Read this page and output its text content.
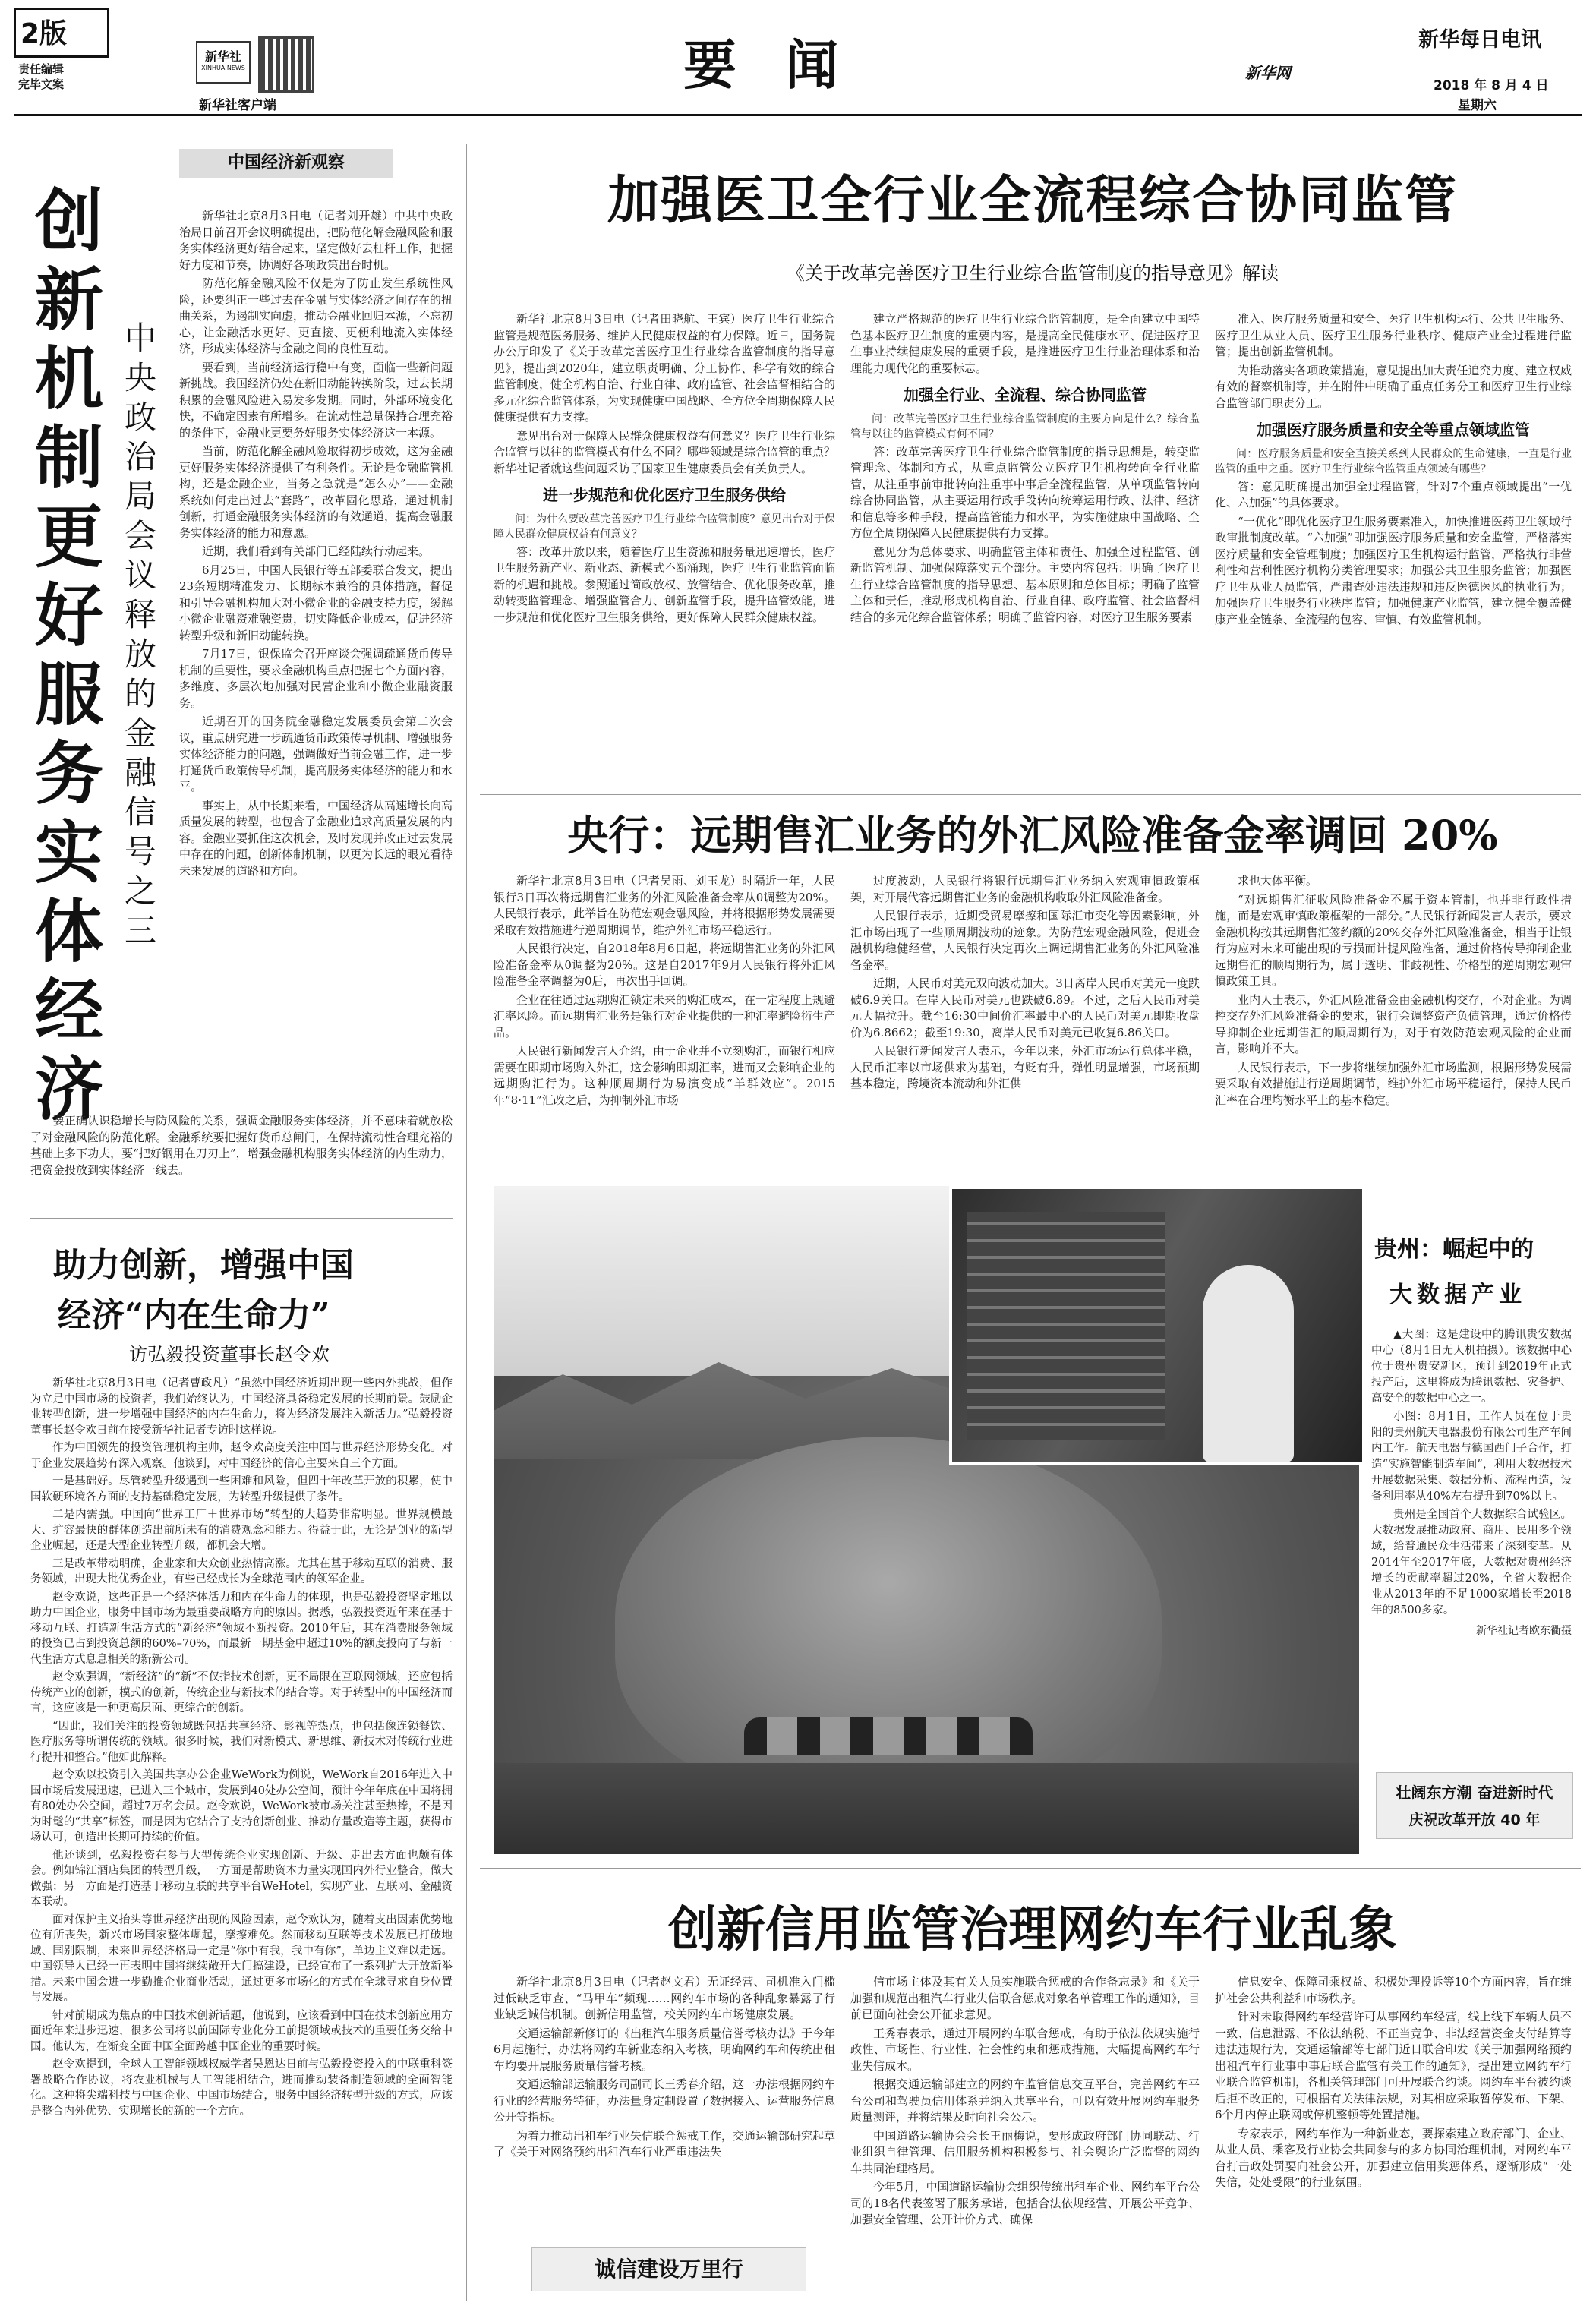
2版
责任编辑
完毕文案
新华社
XINHUA NEWS
新华社客户端
要 闻	新华网
新华每日电讯
2018 年 8 月 4 日
星期六
中国经济新观察
创新机制更好服务实体经济
中央政治局会议释放的金融信号之三

新华社北京8月3日电（记者刘开雄）中共中央政治局日前召开会议明确提出，把防范化解金融风险和服务实体经济更好结合起来，坚定做好去杠杆工作，把握好力度和节奏，协调好各项政策出台时机。

防范化解金融风险不仅是为了防止发生系统性风险，还要纠正一些过去在金融与实体经济之间存在的扭曲关系，为遏制实向虚，推动金融业回归本源，不忘初心，让金融活水更好、更直接、更便利地流入实体经济，形成实体经济与金融之间的良性互动。

要看到，当前经济运行稳中有变，面临一些新问题新挑战。我国经济仍处在新旧动能转换阶段，过去长期积累的金融风险进入易发多发期。同时，外部环境变化快，不确定因素有所增多。在流动性总量保持合理充裕的条件下，金融业更要务好服务实体经济这一本源。

当前，防范化解金融风险取得初步成效，这为金融更好服务实体经济提供了有利条件。无论是金融监管机构，还是金融企业，当务之急就是“怎么办”——金融系统如何走出过去“套路”，改革固化思路，通过机制创新，打通金融服务实体经济的有效通道，提高金融服务实体经济的能力和意愿。

近期，我们看到有关部门已经陆续行动起来。

6月25日，中国人民银行等五部委联合发文，提出23条短期精准发力、长期标本兼治的具体措施，督促和引导金融机构加大对小微企业的金融支持力度，缓解小微企业融资难融资贵，切实降低企业成本，促进经济转型升级和新旧动能转换。

7月17日，银保监会召开座谈会强调疏通货币传导机制的重要性，要求金融机构重点把握七个方面内容，多维度、多层次地加强对民营企业和小微企业融资服务。

近期召开的国务院金融稳定发展委员会第二次会议，重点研究进一步疏通货币政策传导机制、增强服务实体经济能力的问题，强调做好当前金融工作，进一步打通货币政策传导机制，提高服务实体经济的能力和水平。

事实上，从中长期来看，中国经济从高速增长向高质量发展的转型，也包含了金融业追求高质量发展的内容。金融业要抓住这次机会，及时发现并改正过去发展中存在的问题，创新体制机制，以更为长远的眼光看待未来发展的道路和方向。

要正确认识稳增长与防风险的关系，强调金融服务实体经济，并不意味着就放松了对金融风险的防范化解。金融系统要把握好货币总闸门，在保持流动性合理充裕的基础上多下功夫，要“把好钢用在刀刃上”，增强金融机构服务实体经济的内生动力，把资金投放到实体经济一线去。

助力创新，增强中国
经济“内在生命力”
访弘毅投资董事长赵令欢

新华社北京8月3日电（记者曹政凡）“虽然中国经济近期出现一些内外挑战，但作为立足中国市场的投资者，我们始终认为，中国经济具备稳定发展的长期前景。鼓励企业转型创新，进一步增强中国经济的内在生命力，将为经济发展注入新活力。”弘毅投资董事长赵令欢日前在接受新华社记者专访时这样说。

作为中国领先的投资管理机构主帅，赵令欢高度关注中国与世界经济形势变化。对于企业发展趋势有深入观察。他谈到，对中国经济的信心主要来自三个方面。

一是基础好。尽管转型升级遇到一些困难和风险，但四十年改革开放的积累，使中国软硬环境各方面的支持基础稳定发展，为转型升级提供了条件。

二是内需强。中国向“世界工厂＋世界市场”转型的大趋势非常明显。世界规模最大、扩容最快的群体创造出前所未有的消费观念和能力。得益于此，无论是创业的新型企业崛起，还是大型企业转型升级，都机会大增。

三是改革带动明确，企业家和大众创业热情高涨。尤其在基于移动互联的消费、服务领域，出现大批优秀企业，有些已经成长为全球范围内的领军企业。

赵令欢说，这些正是一个经济体活力和内在生命力的体现，也是弘毅投资坚定地以助力中国企业，服务中国市场为最重要战略方向的原因。据悉，弘毅投资近年来在基于移动互联、打造新生活方式的“新经济”领域不断投资。2010年后，其在消费服务领域的投资已占到投资总额的60%–70%，而最新一期基金中超过10%的额度投向了与新一代生活方式息息相关的新新公司。

赵令欢强调，“新经济”的“新”不仅指技术创新，更不局限在互联网领域，还应包括传统产业的创新，模式的创新，传统企业与新技术的结合等。对于转型中的中国经济而言，这应该是一种更高层面、更综合的创新。

“因此，我们关注的投资领域既包括共享经济、影视等热点，也包括像连锁餐饮、医疗服务等所谓传统的领域。很多时候，我们对新模式、新思维、新技术对传统行业进行提升和整合。”他如此解释。

赵令欢以投资引入美国共享办公企业WeWork为例说，WeWork自2016年进入中国市场后发展迅速，已进入三个城市，发展到40处办公空间，预计今年年底在中国将拥有80处办公空间，超过7万名会员。赵令欢说，WeWork被市场关注甚至热捧，不是因为时髦的“共享”标签，而是因为它结合了支持创新创业、推动存量改造等主题，获得市场认可，创造出长期可持续的价值。

他还谈到，弘毅投资在参与大型传统企业实现创新、升级、走出去方面也颇有体会。例如锦江酒店集团的转型升级，一方面是帮助资本力量实现国内外行业整合，做大做强；另一方面是打造基于移动互联的共享平台WeHotel，实现产业、互联网、金融资本联动。

面对保护主义抬头等世界经济出现的风险因素，赵令欢认为，随着支出因素优势地位有所丧失，新兴市场国家整体崛起，摩擦难免。然而移动互联等技术发展已打破地域、国别限制，未来世界经济格局一定是“你中有我，我中有你”，单边主义难以走远。中国领导人已经一再表明中国将继续敞开大门搞建设，已经宣布了一系列扩大开放新举措。未来中国会进一步勤推企业商业活动，通过更多市场化的方式在全球寻求自身位置与发展。

针对前期成为焦点的中国技术创新话题，他说到，应该看到中国在技术创新应用方面近年来进步迅速，很多公司将以前国际专业化分工前提领域或技术的重要任务交给中国。他认为，在渐变全面中国全面跨越中国企业的重要时候。

赵令欢提到，全球人工智能领域权威学者吴恩达日前与弘毅投资投入的中联重科签署战略合作协议，将农业机械与人工智能相结合，进而推动装备制造领域的全面智能化。这种将尖端科技与中国企业、中国市场结合，服务中国经济转型升级的方式，应该是整合内外优势、实现增长的新的一个方向。

加强医卫全行业全流程综合协同监管
《关于改革完善医疗卫生行业综合监管制度的指导意见》解读

新华社北京8月3日电（记者田晓航、王宾）医疗卫生行业综合监管是规范医务服务、维护人民健康权益的有力保障。近日，国务院办公厅印发了《关于改革完善医疗卫生行业综合监管制度的指导意见》，提出到2020年，建立职责明确、分工协作、科学有效的综合监管制度，健全机构自治、行业自律、政府监管、社会监督相结合的多元化综合监管体系，为实现健康中国战略、全方位全周期保障人民健康提供有力支撑。

意见出台对于保障人民群众健康权益有何意义？医疗卫生行业综合监管与以往的监管模式有什么不同？哪些领域是综合监管的重点？新华社记者就这些问题采访了国家卫生健康委员会有关负责人。

进一步规范和优化医疗卫生服务供给

问：为什么要改革完善医疗卫生行业综合监管制度？意见出台对于保障人民群众健康权益有何意义？

答：改革开放以来，随着医疗卫生资源和服务量迅速增长，医疗卫生服务新产业、新业态、新模式不断涌现，医疗卫生行业监管面临新的机遇和挑战。参照通过简政放权、放管结合、优化服务改革，推动转变监管理念、增强监管合力、创新监管手段，提升监管效能，进一步规范和优化医疗卫生服务供给，更好保障人民群众健康权益。

建立严格规范的医疗卫生行业综合监管制度，是全面建立中国特色基本医疗卫生制度的重要内容，是提高全民健康水平、促进医疗卫生事业持续健康发展的重要手段，是推进医疗卫生行业治理体系和治理能力现代化的重要标志。

加强全行业、全流程、综合协同监管

问：改革完善医疗卫生行业综合监管制度的主要方向是什么？综合监管与以往的监管模式有何不同？

答：改革完善医疗卫生行业综合监管制度的指导思想是，转变监管理念、体制和方式，从重点监管公立医疗卫生机构转向全行业监管，从注重事前审批转向注重事中事后全流程监管，从单项监管转向综合协同监管，从主要运用行政手段转向统筹运用行政、法律、经济和信息等多种手段，提高监管能力和水平，为实施健康中国战略、全方位全周期保障人民健康提供有力支撑。

意见分为总体要求、明确监管主体和责任、加强全过程监管、创新监管机制、加强保障落实五个部分。主要内容包括：明确了医疗卫生行业综合监管制度的指导思想、基本原则和总体目标；明确了监管主体和责任，推动形成机构自治、行业自律、政府监管、社会监督相结合的多元化综合监管体系；明确了监管内容，对医疗卫生服务要素

准入、医疗服务质量和安全、医疗卫生机构运行、公共卫生服务、医疗卫生从业人员、医疗卫生服务行业秩序、健康产业全过程进行监管；提出创新监管机制。

为推动落实各项政策措施，意见提出加大责任追究力度、建立权威有效的督察机制等，并在附件中明确了重点任务分工和医疗卫生行业综合监管部门职责分工。

加强医疗服务质量和安全等重点领域监管

问：医疗服务质量和安全直接关系到人民群众的生命健康，一直是行业监管的重中之重。医疗卫生行业综合监管重点领域有哪些？

答：意见明确提出加强全过程监管，针对7个重点领域提出“一优化、六加强”的具体要求。

“一优化”即优化医疗卫生服务要素准入，加快推进医药卫生领域行政审批制度改革。“六加强”即加强医疗服务质量和安全监管，严格落实医疗质量和安全管理制度；加强医疗卫生机构运行监管，严格执行非营利性和营利性医疗机构分类管理要求；加强公共卫生服务监管；加强医疗卫生从业人员监管，严肃查处违法违规和违反医德医风的执业行为；加强医疗卫生服务行业秩序监管；加强健康产业监管，建立健全覆盖健康产业全链条、全流程的包容、审慎、有效监管机制。

央行：远期售汇业务的外汇风险准备金率调回 20%

新华社北京8月3日电（记者吴雨、刘玉龙）时隔近一年，人民银行3日再次将远期售汇业务的外汇风险准备金率从0调整为20%。人民银行表示，此举旨在防范宏观金融风险，并将根据形势发展需要采取有效措施进行逆周期调节，维护外汇市场平稳运行。

人民银行决定，自2018年8月6日起，将远期售汇业务的外汇风险准备金率从0调整为20%。这是自2017年9月人民银行将外汇风险准备金率调整为0后，再次出手回调。

企业在往通过远期购汇锁定未来的购汇成本，在一定程度上规避汇率风险。而远期售汇业务是银行对企业提供的一种汇率避险衍生产品。

人民银行新闻发言人介绍，由于企业并不立刻购汇，而银行相应需要在即期市场购入外汇，这会影响即期汇率，进而又会影响企业的远期购汇行为。这种顺周期行为易演变成“羊群效应”。2015年“8·11”汇改之后，为抑制外汇市场

过度波动，人民银行将银行远期售汇业务纳入宏观审慎政策框架，对开展代客远期售汇业务的金融机构收取外汇风险准备金。

人民银行表示，近期受贸易摩擦和国际汇市变化等因素影响，外汇市场出现了一些顺周期波动的迹象。为防范宏观金融风险，促进金融机构稳健经营，人民银行决定再次上调远期售汇业务的外汇风险准备金率。

近期，人民币对美元双向波动加大。3日离岸人民币对美元一度跌破6.9关口。在岸人民币对美元也跌破6.89。不过，之后人民币对美元大幅拉升。截至16:30中间价汇率最中心的人民币对美元即期收盘价为6.8662；截至19:30，离岸人民币对美元已收复6.86关口。

人民银行新闻发言人表示，今年以来，外汇市场运行总体平稳，人民币汇率以市场供求为基础，有贬有升，弹性明显增强，市场预期基本稳定，跨境资本流动和外汇供

求也大体平衡。

“对远期售汇征收风险准备金不属于资本管制，也并非行政性措施，而是宏观审慎政策框架的一部分。”人民银行新闻发言人表示，要求金融机构按其远期售汇签约额的20%交存外汇风险准备金，相当于让银行为应对未来可能出现的亏损而计提风险准备，通过价格传导抑制企业远期售汇的顺周期行为，属于透明、非歧视性、价格型的逆周期宏观审慎政策工具。

业内人士表示，外汇风险准备金由金融机构交存，不对企业。为调控交存外汇风险准备金的要求，银行会调整资产负债管理，通过价格传导抑制企业远期售汇的顺周期行为，对于有效防范宏观风险的企业而言，影响并不大。

人民银行表示，下一步将继续加强外汇市场监测，根据形势发展需要采取有效措施进行逆周期调节，维护外汇市场平稳运行，保持人民币汇率在合理均衡水平上的基本稳定。

贵州：崛起中的
大数据产业

▲大图：这是建设中的腾讯贵安数据中心（8月1日无人机拍摄）。该数据中心位于贵州贵安新区，预计到2019年正式投产后，这里将成为腾讯数据、灾备护、高安全的数据中心之一。

小图：8月1日，工作人员在位于贵阳的贵州航天电器股份有限公司生产车间内工作。航天电器与德国西门子合作，打造“实施智能制造车间”，利用大数据技术开展数据采集、数据分析、流程再造，设备利用率从40%左右提升到70%以上。

贵州是全国首个大数据综合试验区。大数据发展推动政府、商用、民用多个领域，给普通民众生活带来了深刻变革。从2014年至2017年底，大数据对贵州经济增长的贡献率超过20%，全省大数据企业从2013年的不足1000家增长至2018年的8500多家。

新华社记者欧东衢摄
壮阔东方潮 奋进新时代
庆祝改革开放 40 年
创新信用监管治理网约车行业乱象

新华社北京8月3日电（记者赵文君）无证经营、司机准入门槛过低缺乏审查、“马甲车”频现……网约车市场的各种乱象暴露了行业缺乏诚信机制。创新信用监管，校关网约车市场健康发展。

交通运输部新修订的《出租汽车服务质量信誉考核办法》于今年6月起施行，办法将网约车新业态纳入考核，明确网约车和传统出租车均要开展服务质量信誉考核。

交通运输部运输服务司副司长王秀春介绍，这一办法根据网约车行业的经营服务特征，办法量身定制设置了数据接入、运营服务信息公开等指标。

为着力推动出租车行业失信联合惩戒工作，交通运输部研究起草了《关于对网络预约出租汽车行业严重违法失

信市场主体及其有关人员实施联合惩戒的合作备忘录》和《关于加强和规范出租汽车行业失信联合惩戒对象名单管理工作的通知》，目前已面向社会公开征求意见。

王秀春表示，通过开展网约车联合惩戒，有助于依法依规实施行政性、市场性、行业性、社会性约束和惩戒措施，大幅提高网约车行业失信成本。

根据交通运输部建立的网约车监管信息交互平台，完善网约车平台公司和驾驶员信用体系并纳入共享平台，可以有效开展网约车服务质量测评，并将结果及时向社会公示。

中国道路运输协会会长王丽梅说，要形成政府部门协同联动、行业组织自律管理、信用服务机构积极参与、社会舆论广泛监督的网约车共同治理格局。

今年5月，中国道路运输协会组织传统出租车企业、网约车平台公司的18名代表签署了服务承诺，包括合法依规经营、开展公平竞争、加强安全管理、公开计价方式、确保

信息安全、保障司乘权益、积极处理投诉等10个方面内容，旨在维护社会公共利益和市场秩序。

针对未取得网约车经营许可从事网约车经营，线上线下车辆人员不一致、信息泄露、不依法纳税、不正当竞争、非法经营资金支付结算等违法违规行为，交通运输部等七部门近日联合印发《关于加强网络预约出租汽车行业事中事后联合监管有关工作的通知》，提出建立网约车行业联合监管机制，各相关管理部门可开展联合约谈。网约车平台被约谈后拒不改正的，可根据有关法律法规，对其相应采取暂停发布、下架、6个月内停止联网或停机整顿等处置措施。

专家表示，网约车作为一种新业态，要探索建立政府部门、企业、从业人员、乘客及行业协会共同参与的多方协同治理机制，对网约车平台打击政处罚要向社会公开，加强建立信用奖惩体系，逐渐形成“一处失信，处处受限”的行业氛围。

诚信建设万里行
